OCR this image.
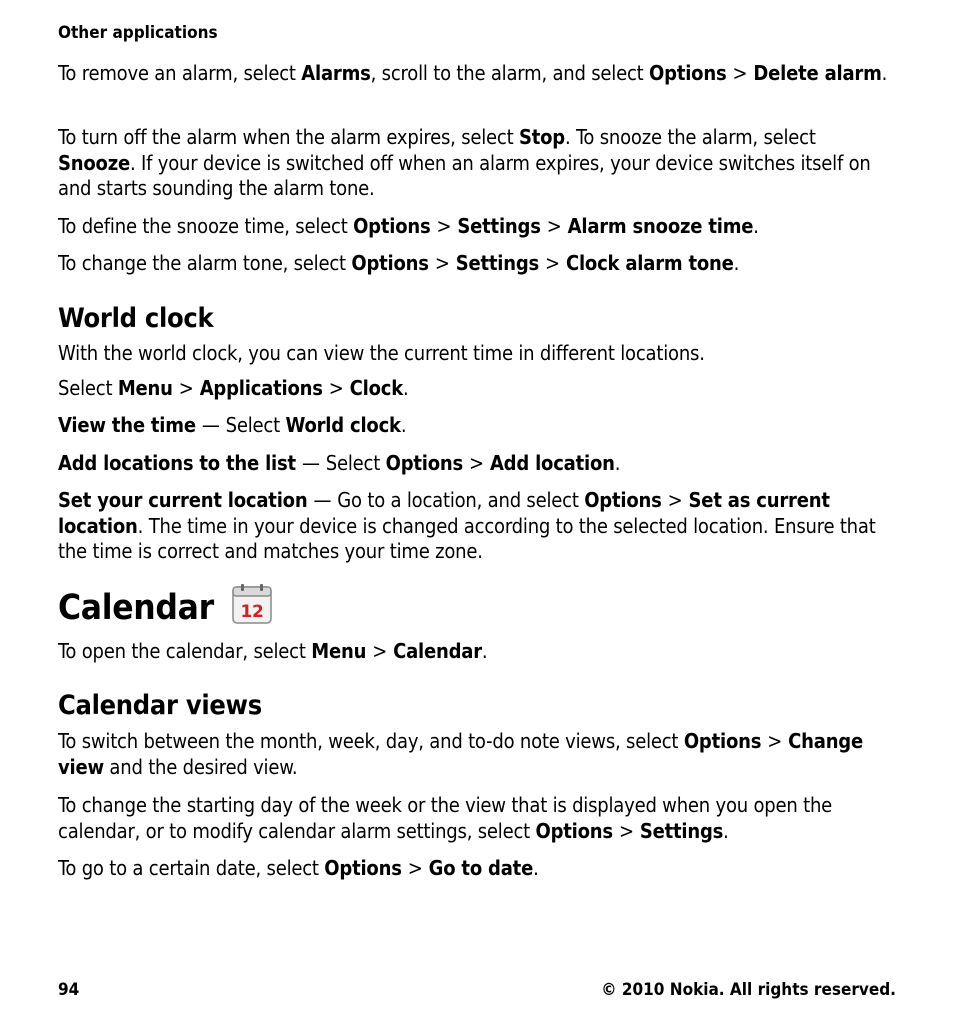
Other applications

To remove an alarm, select Alarms, scroll to the alarm, and select Options > Delete alarm.

To turn off the alarm when the alarm expires, select Stop. To snooze the alarm, select Snooze. If your device is switched off when an alarm expires, your device switches itself on and starts sounding the alarm tone.

To define the snooze time, select Options > Settings > Alarm snooze time.

To change the alarm tone, select Options > Settings > Clock alarm tone.

World clock

With the world clock, you can view the current time in different locations.

Select Menu > Applications > Clock.

View the time — Select World clock.

Add locations to the list — Select Options > Add location.

Set your current location — Go to a location, and select Options > Set as current location. The time in your device is changed according to the selected location. Ensure that the time is correct and matches your time zone.

Calendar 12

To open the calendar, select Menu > Calendar.

Calendar views

To switch between the month, week, day, and to-do note views, select Options > Change view and the desired view.

To change the starting day of the week or the view that is displayed when you open the calendar, or to modify calendar alarm settings, select Options > Settings.

To go to a certain date, select Options > Go to date.

94	© 2010 Nokia. All rights reserved.
